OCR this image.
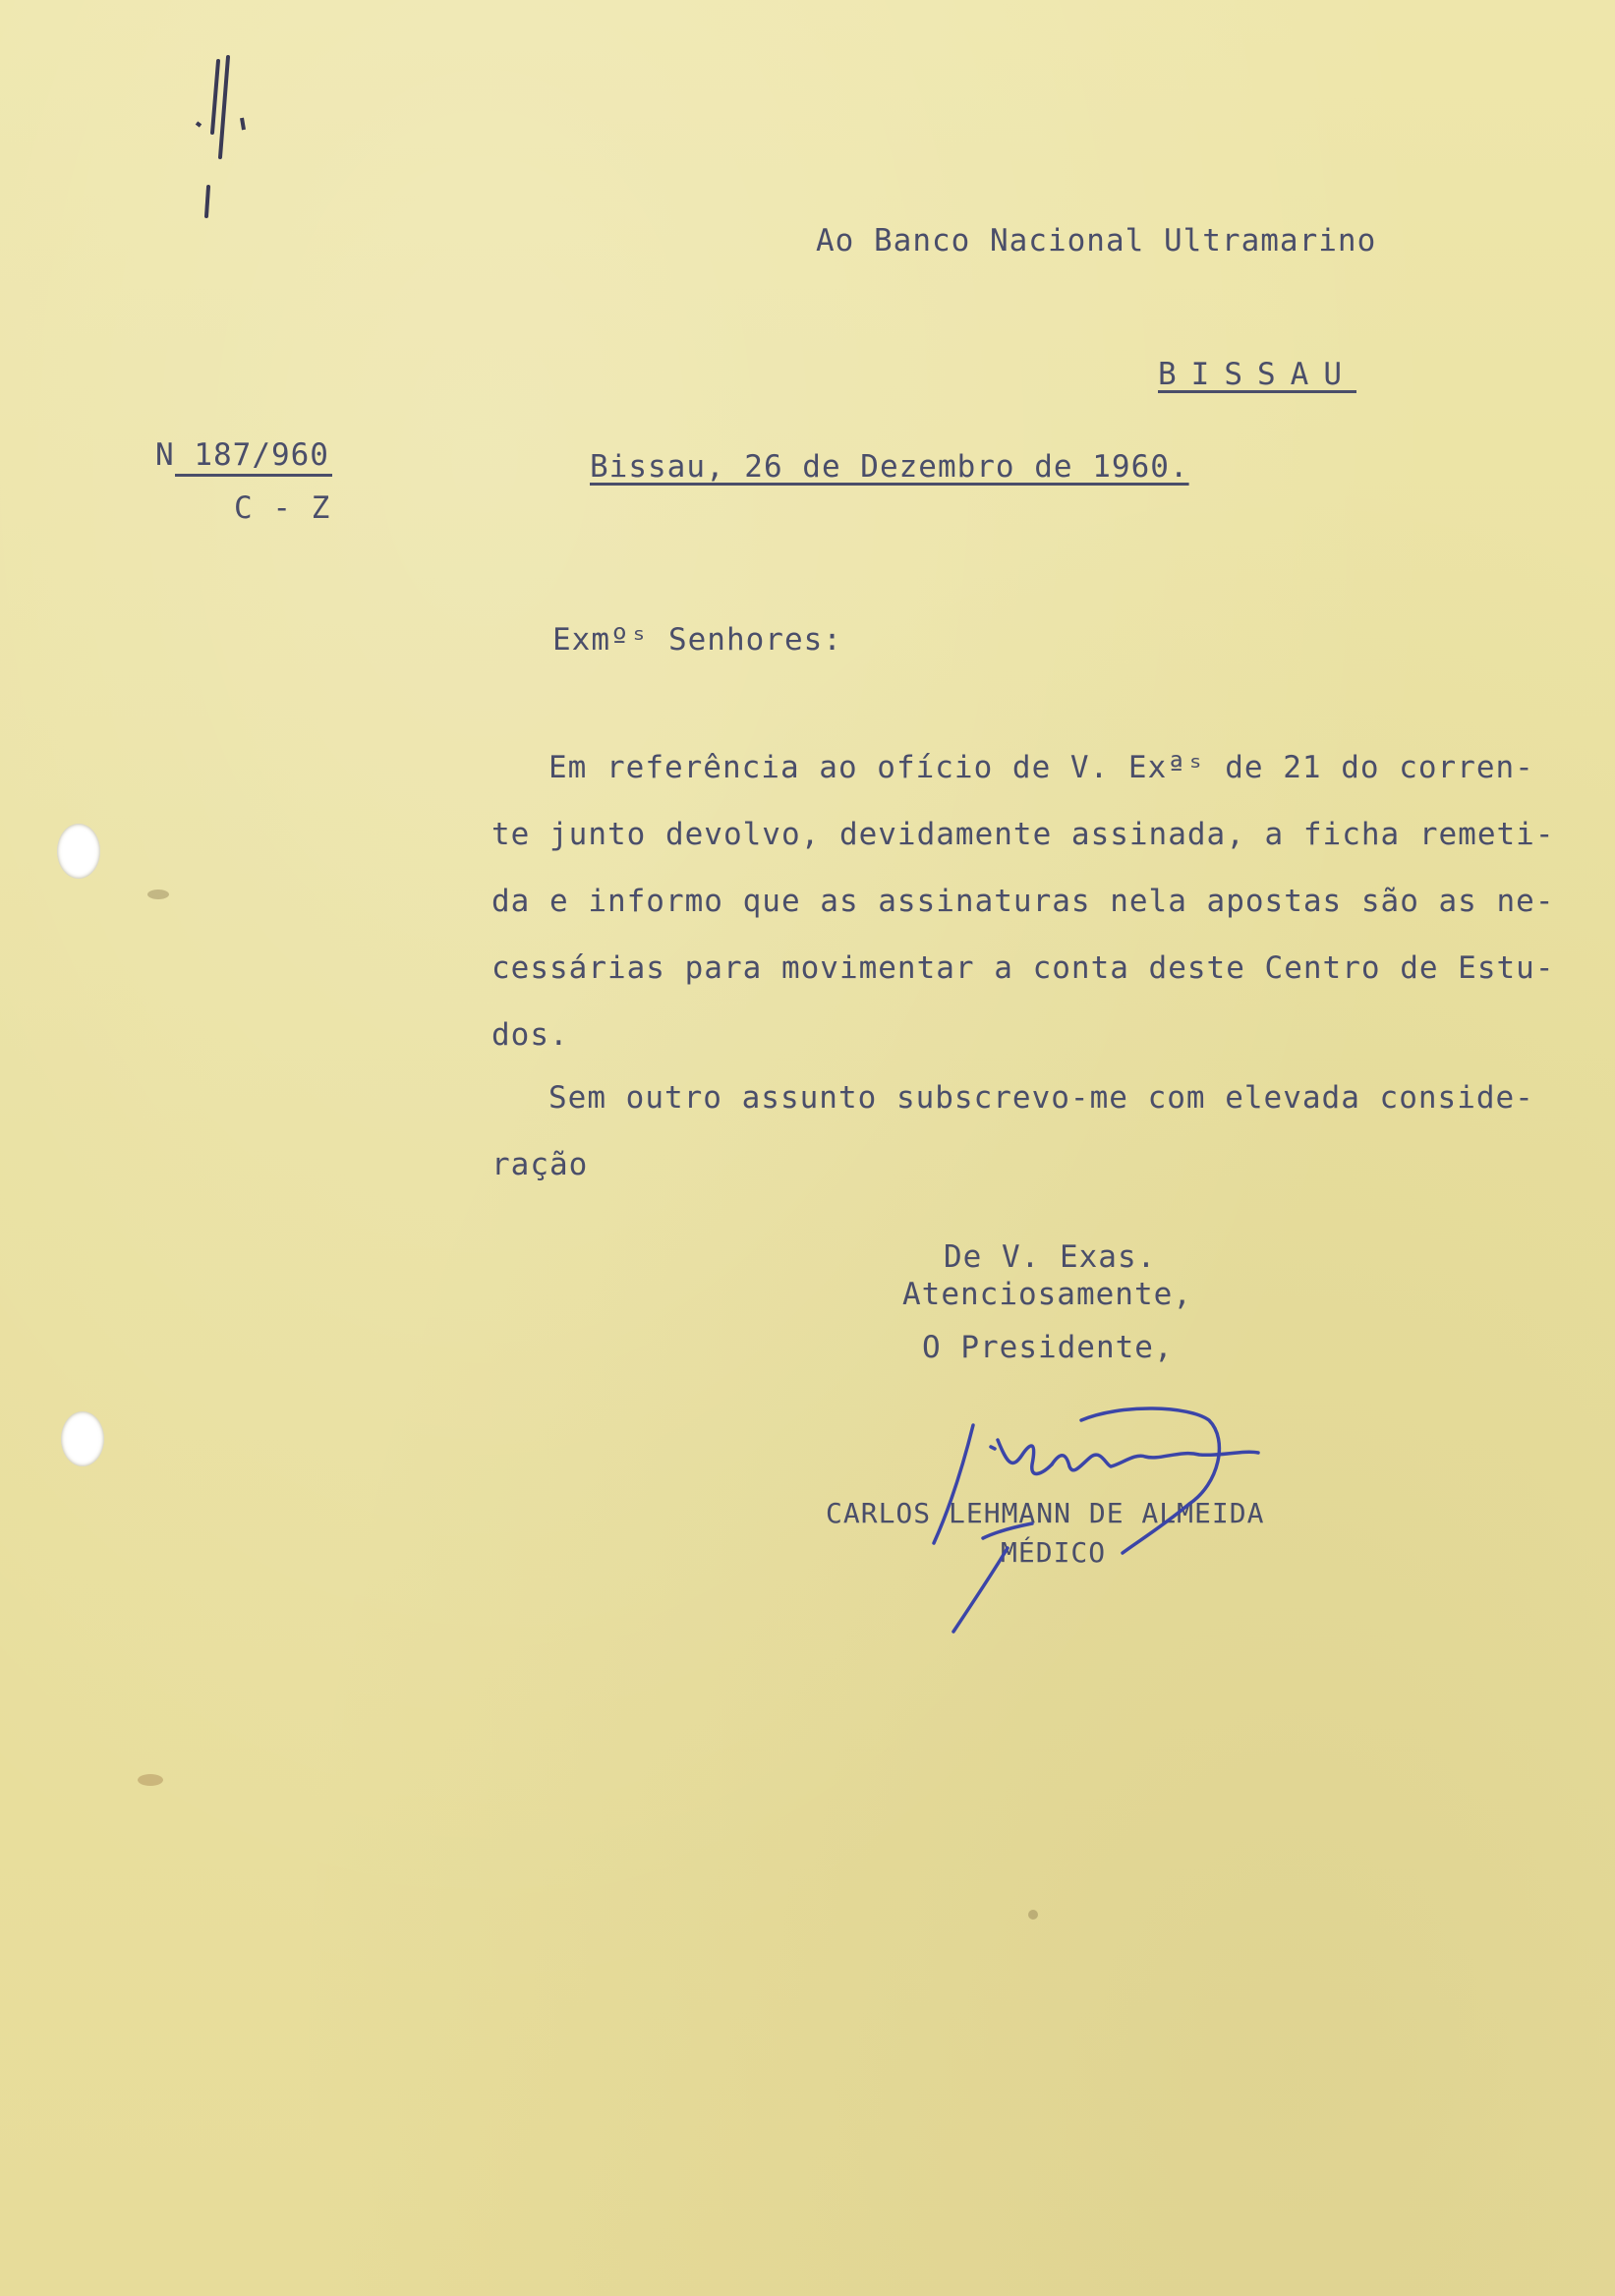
Ao Banco Nacional Ultramarino
BISSAU
N 187/960
C - Z
Bissau, 26 de Dezembro de 1960.
Exmºˢ Senhores:
Em referência ao ofício de V. Exªˢ de 21 do corren-
te junto devolvo, devidamente assinada, a ficha remeti-
da e informo que as assinaturas nela apostas são as ne-
cessárias para movimentar a conta deste Centro de Estu-
dos.
Sem outro assunto subscrevo-me com elevada conside-
ração
De V. Exas.
Atenciosamente,
O Presidente,
CARLOS LEHMANN DE ALMEIDA
MÉDICO
